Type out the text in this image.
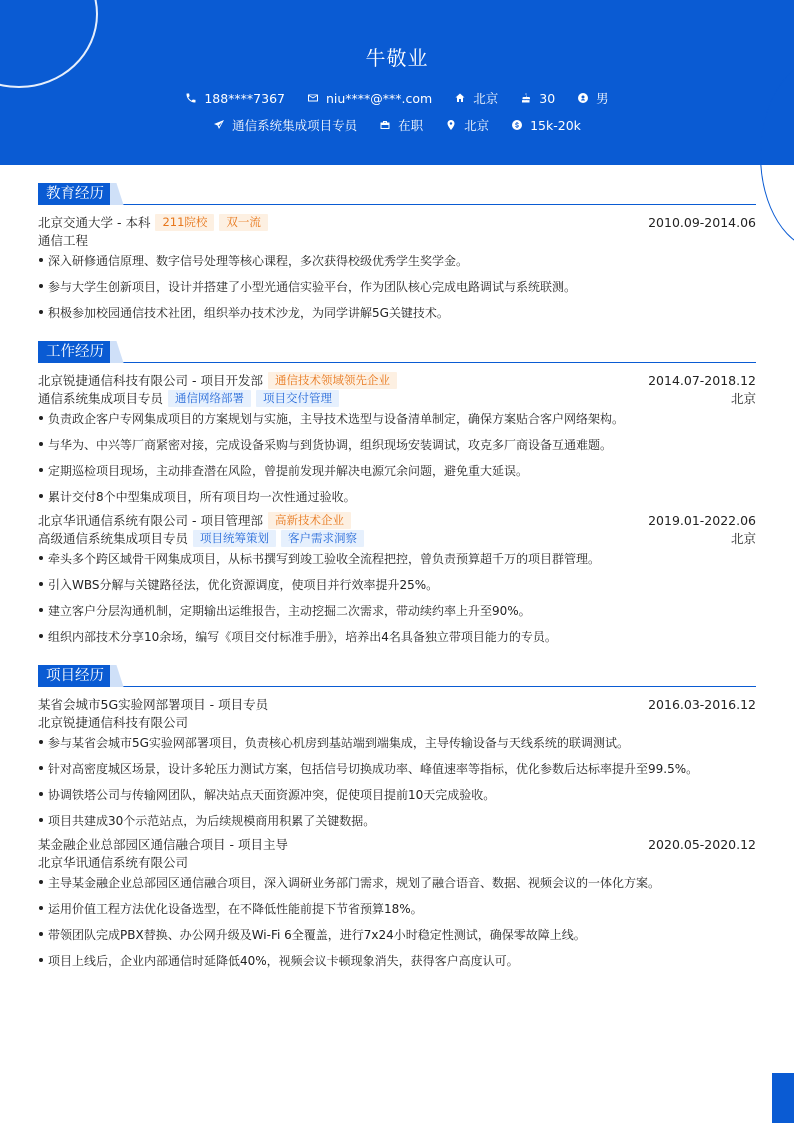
牛敬业
188****7367	niu****@***.com	北京	30	男
通信系统集成项目专员	在职	北京	15k-20k
教育经历
北京交通大学 - 本科	211院校	双一流	2010.09-2014.06
通信工程
深入研修通信原理、数字信号处理等核心课程，多次获得校级优秀学生奖学金。
参与大学生创新项目，设计并搭建了小型光通信实验平台，作为团队核心完成电路调试与系统联测。
积极参加校园通信技术社团，组织举办技术沙龙，为同学讲解5G关键技术。
工作经历
北京锐捷通信科技有限公司 - 项目开发部	通信技术领域领先企业	2014.07-2018.12
通信系统集成项目专员	通信网络部署	项目交付管理	北京
负责政企客户专网集成项目的方案规划与实施，主导技术选型与设备清单制定，确保方案贴合客户网络架构。
与华为、中兴等厂商紧密对接，完成设备采购与到货协调，组织现场安装调试，攻克多厂商设备互通难题。
定期巡检项目现场，主动排查潜在风险，曾提前发现并解决电源冗余问题，避免重大延误。
累计交付8个中型集成项目，所有项目均一次性通过验收。
北京华讯通信系统有限公司 - 项目管理部	高新技术企业	2019.01-2022.06
高级通信系统集成项目专员	项目统筹策划	客户需求洞察	北京
牵头多个跨区域骨干网集成项目，从标书撰写到竣工验收全流程把控，曾负责预算超千万的项目群管理。
引入WBS分解与关键路径法，优化资源调度，使项目并行效率提升25%。
建立客户分层沟通机制，定期输出运维报告，主动挖掘二次需求，带动续约率上升至90%。
组织内部技术分享10余场，编写《项目交付标准手册》，培养出4名具备独立带项目能力的专员。
项目经历
某省会城市5G实验网部署项目 - 项目专员	2016.03-2016.12
北京锐捷通信科技有限公司
参与某省会城市5G实验网部署项目，负责核心机房到基站端到端集成，主导传输设备与天线系统的联调测试。
针对高密度城区场景，设计多轮压力测试方案，包括信号切换成功率、峰值速率等指标，优化参数后达标率提升至99.5%。
协调铁塔公司与传输网团队，解决站点天面资源冲突，促使项目提前10天完成验收。
项目共建成30个示范站点，为后续规模商用积累了关键数据。
某金融企业总部园区通信融合项目 - 项目主导	2020.05-2020.12
北京华讯通信系统有限公司
主导某金融企业总部园区通信融合项目，深入调研业务部门需求，规划了融合语音、数据、视频会议的一体化方案。
运用价值工程方法优化设备选型，在不降低性能前提下节省预算18%。
带领团队完成PBX替换、办公网升级及Wi-Fi 6全覆盖，进行7x24小时稳定性测试，确保零故障上线。
项目上线后，企业内部通信时延降低40%，视频会议卡顿现象消失，获得客户高度认可。
